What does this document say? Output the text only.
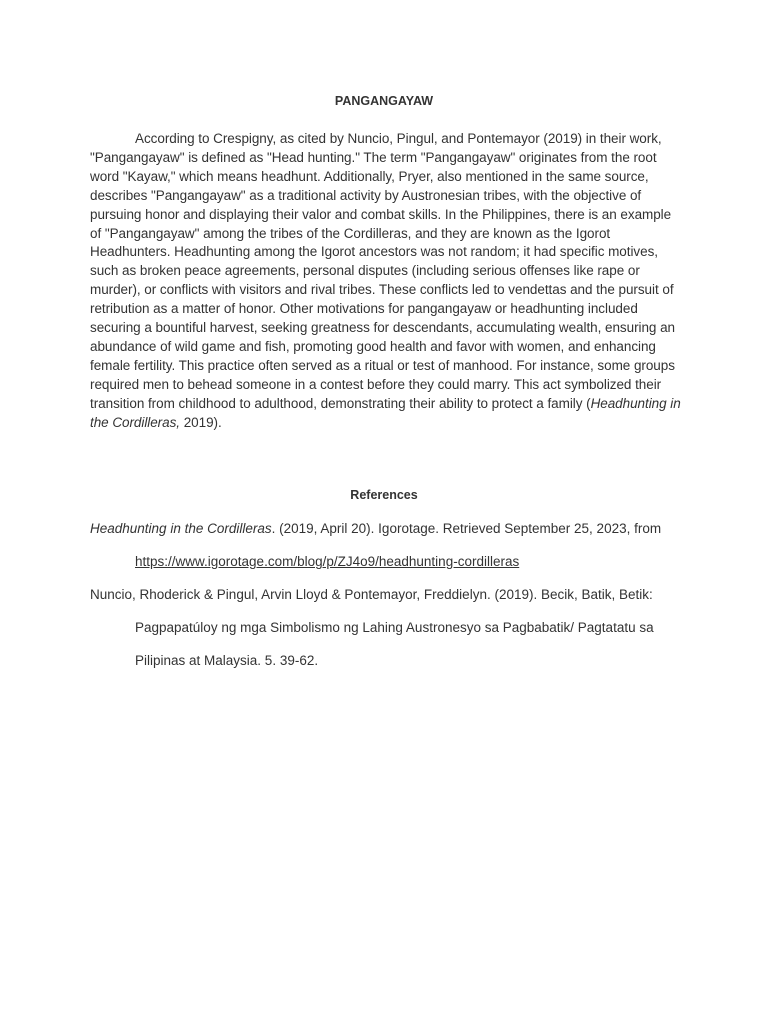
PANGANGAYAW

According to Crespigny, as cited by Nuncio, Pingul, and Pontemayor (2019) in their work, "Pangangayaw" is defined as "Head hunting." The term "Pangangayaw" originates from the root word "Kayaw," which means headhunt. Additionally, Pryer, also mentioned in the same source, describes "Pangangayaw" as a traditional activity by Austronesian tribes, with the objective of pursuing honor and displaying their valor and combat skills. In the Philippines, there is an example of "Pangangayaw" among the tribes of the Cordilleras, and they are known as the Igorot Headhunters. Headhunting among the Igorot ancestors was not random; it had specific motives, such as broken peace agreements, personal disputes (including serious offenses like rape or murder), or conflicts with visitors and rival tribes. These conflicts led to vendettas and the pursuit of retribution as a matter of honor. Other motivations for pangangayaw or headhunting included securing a bountiful harvest, seeking greatness for descendants, accumulating wealth, ensuring an abundance of wild game and fish, promoting good health and favor with women, and enhancing female fertility. This practice often served as a ritual or test of manhood. For instance, some groups required men to behead someone in a contest before they could marry. This act symbolized their transition from childhood to adulthood, demonstrating their ability to protect a family (Headhunting in the Cordilleras, 2019).

References
Headhunting in the Cordilleras. (2019, April 20). Igorotage. Retrieved September 25, 2023, from
https://www.igorotage.com/blog/p/ZJ4o9/headhunting-cordilleras
Nuncio, Rhoderick & Pingul, Arvin Lloyd & Pontemayor, Freddielyn. (2019). Becik, Batik, Betik:
Pagpapatúloy ng mga Simbolismo ng Lahing Austronesyo sa Pagbabatik/ Pagtatatu sa
Pilipinas at Malaysia. 5. 39-62.
